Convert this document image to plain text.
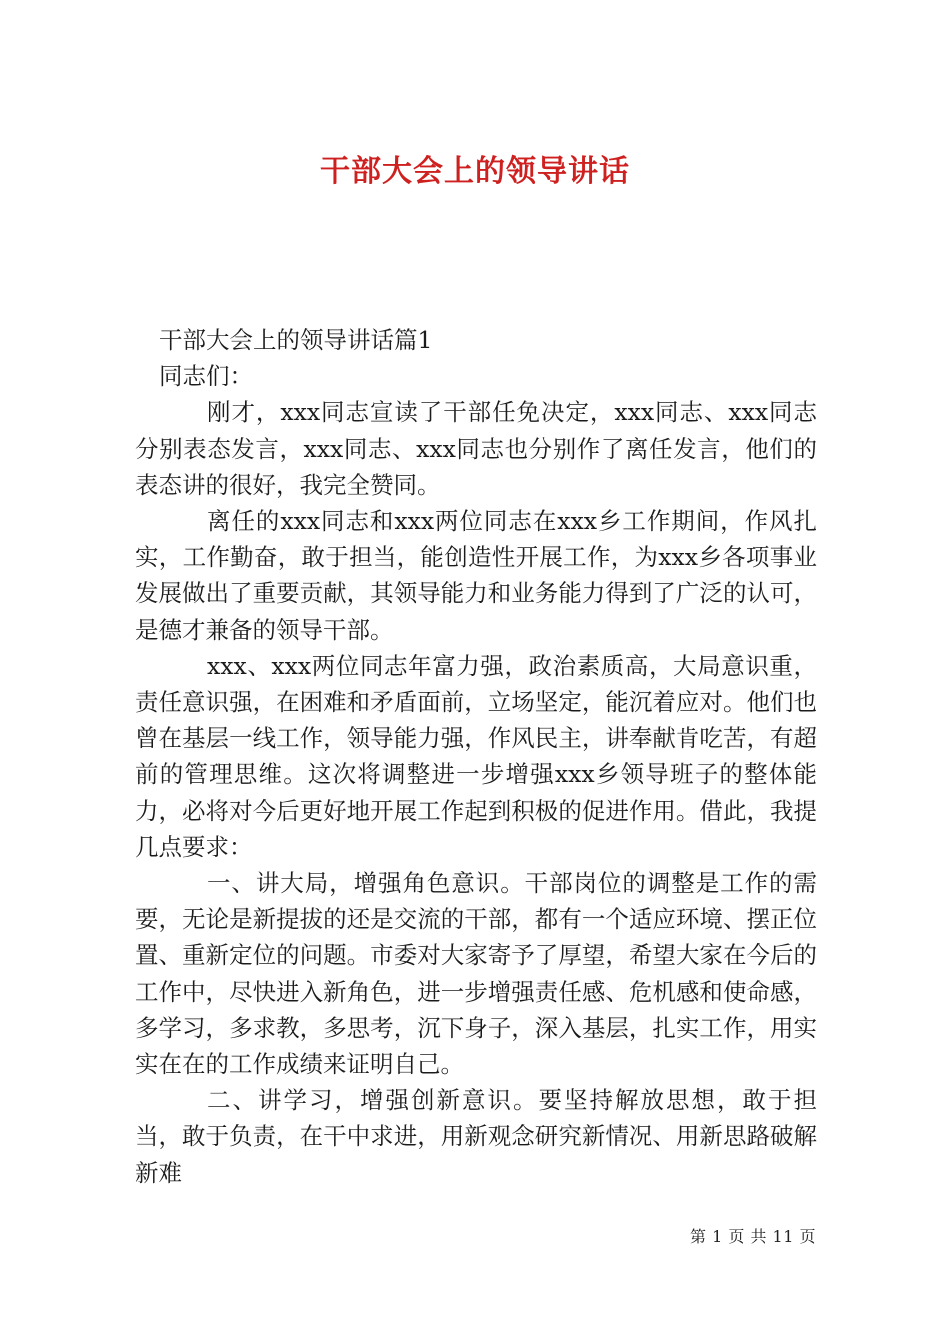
干部大会上的领导讲话

干部大会上的领导讲话篇1

同志们：

刚才，xxx同志宣读了干部任免决定，xxx同志、xxx同志分别表态发言，xxx同志、xxx同志也分别作了离任发言，他们的表态讲的很好，我完全赞同。

离任的xxx同志和xxx两位同志在xxx乡工作期间，作风扎实，工作勤奋，敢于担当，能创造性开展工作，为xxx乡各项事业发展做出了重要贡献，其领导能力和业务能力得到了广泛的认可，是德才兼备的领导干部。

xxx、xxx两位同志年富力强，政治素质高，大局意识重，责任意识强，在困难和矛盾面前，立场坚定，能沉着应对。他们也曾在基层一线工作，领导能力强，作风民主，讲奉献肯吃苦，有超前的管理思维。这次将调整进一步增强xxx乡领导班子的整体能力，必将对今后更好地开展工作起到积极的促进作用。借此，我提几点要求：

一、讲大局，增强角色意识。干部岗位的调整是工作的需要，无论是新提拔的还是交流的干部，都有一个适应环境、摆正位置、重新定位的问题。市委对大家寄予了厚望，希望大家在今后的工作中，尽快进入新角色，进一步增强责任感、危机感和使命感，多学习，多求教，多思考，沉下身子，深入基层，扎实工作，用实实在在的工作成绩来证明自己。

二、讲学习，增强创新意识。要坚持解放思想，敢于担当，敢于负责，在干中求进，用新观念研究新情况、用新思路破解新难

第 1 页 共 11 页
